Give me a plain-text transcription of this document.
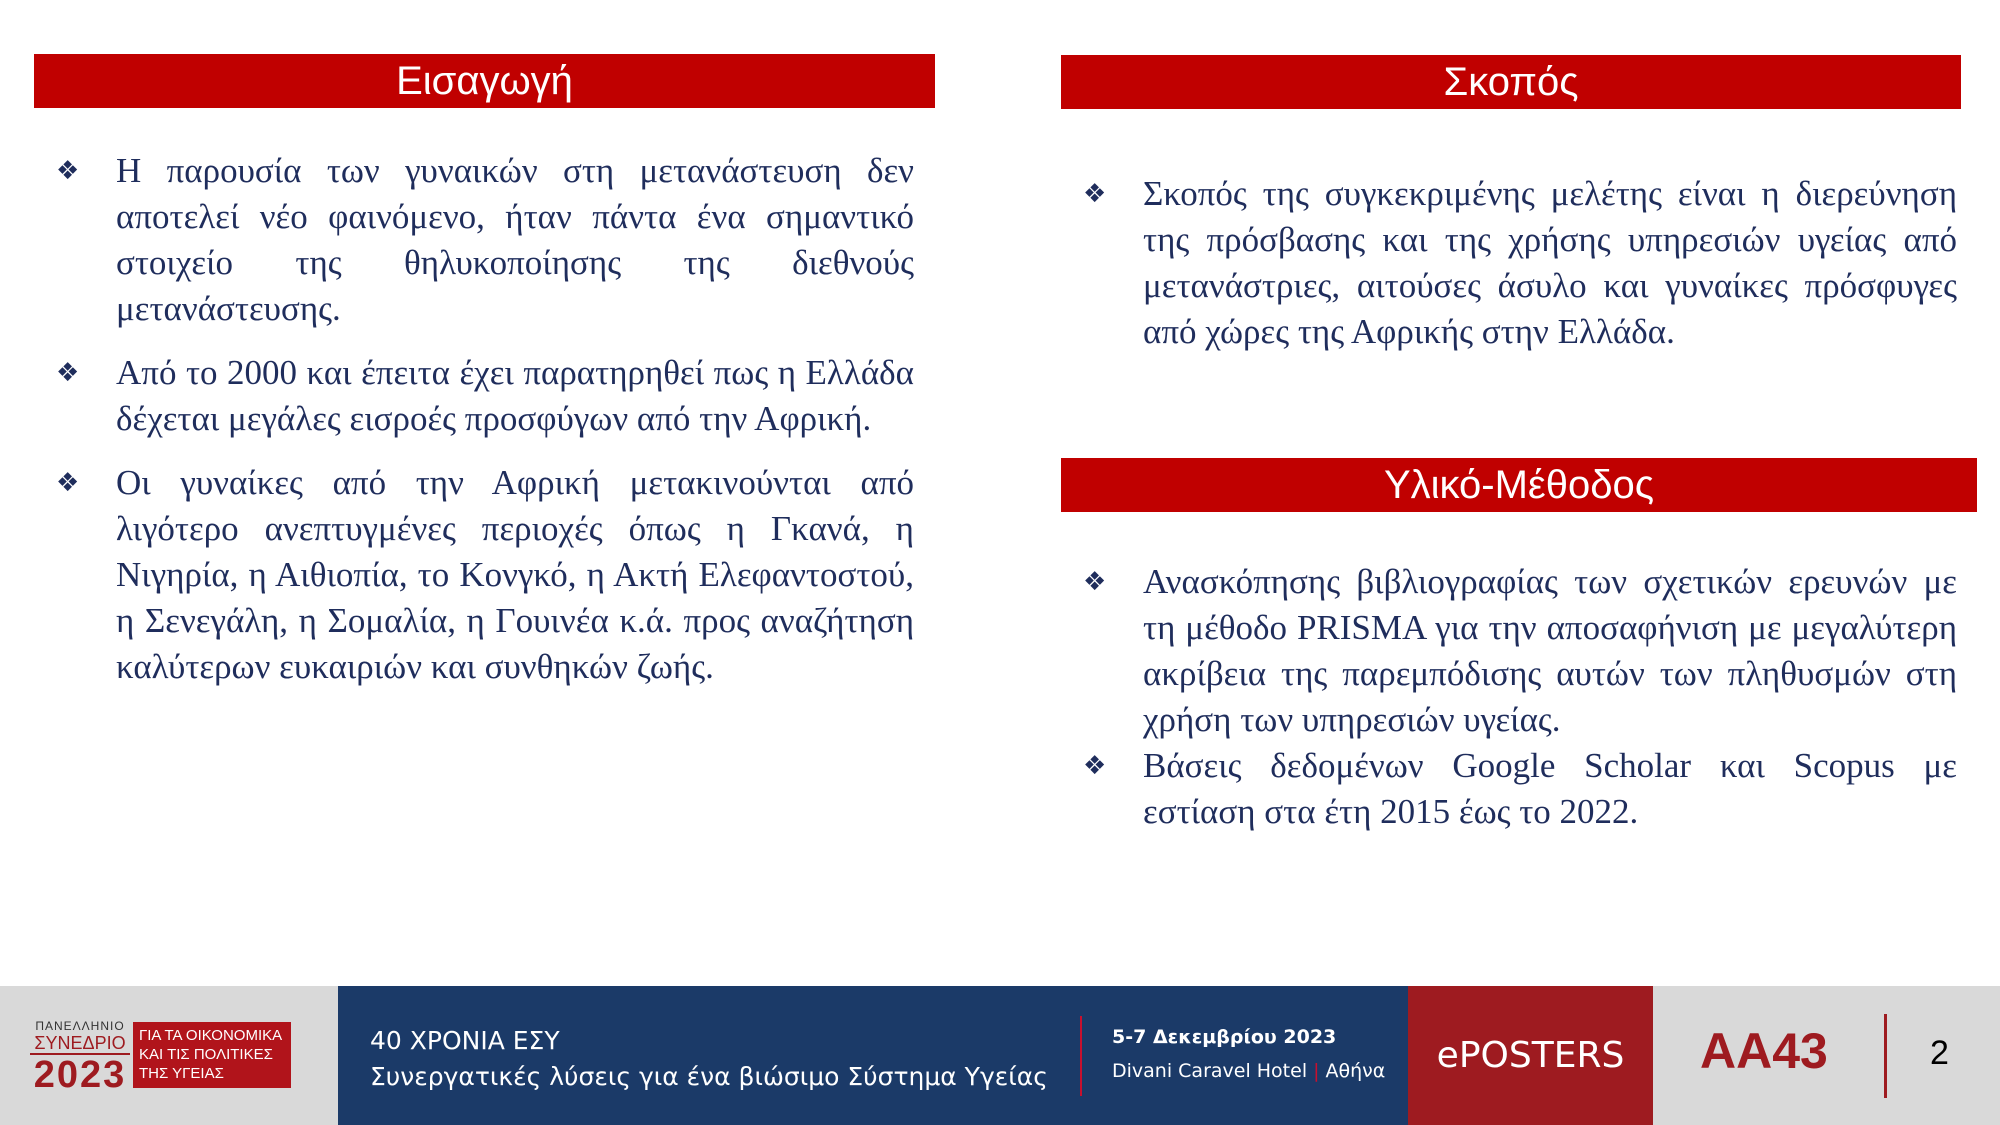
Εισαγωγή
❖ Η παρουσία των γυναικών στη μετανάστευση δεν αποτελεί νέο φαινόμενο, ήταν πάντα ένα σημαντικό στοιχείο της θηλυκοποίησης της διεθνούς μετανάστευσης.
❖ Από το 2000 και έπειτα έχει παρατηρηθεί πως η Ελλάδα δέχεται μεγάλες εισροές προσφύγων από την Αφρική.
❖ Οι γυναίκες από την Αφρική μετακινούνται από λιγότερο ανεπτυγμένες περιοχές όπως η Γκανά, η Νιγηρία, η Αιθιοπία, το Κονγκό, η Ακτή Ελεφαντοστού, η Σενεγάλη, η Σομαλία, η Γουινέα κ.ά. προς αναζήτηση καλύτερων ευκαιριών και συνθηκών ζωής.
Σκοπός
❖ Σκοπός της συγκεκριμένης μελέτης είναι η διερεύνηση της πρόσβασης και της χρήσης υπηρεσιών υγείας από μετανάστριες, αιτούσες άσυλο και γυναίκες πρόσφυγες από χώρες της Αφρικής στην Ελλάδα.
Υλικό-Μέθοδος
❖ Ανασκόπησης βιβλιογραφίας των σχετικών ερευνών με τη μέθοδο PRISMA για την αποσαφήνιση με μεγαλύτερη ακρίβεια της παρεμπόδισης αυτών των πληθυσμών στη χρήση των υπηρεσιών υγείας.
❖ Βάσεις δεδομένων Google Scholar και Scopus με εστίαση στα έτη 2015 έως το 2022.
ΠΑΝΕΛΛΗΝΙΟ
ΣΥΝΕΔΡΙΟ
2023
ΓΙΑ ΤΑ ΟΙΚΟΝΟΜΙΚΑ
ΚΑΙ ΤΙΣ ΠΟΛΙΤΙΚΕΣ
ΤΗΣ ΥΓΕΙΑΣ
40 ΧΡΟΝΙΑ ΕΣΥ
Συνεργατικές λύσεις για ένα βιώσιμο Σύστημα Υγείας
5-7 Δεκεμβρίου 2023
Divani Caravel Hotel | Αθήνα	ePOSTERS	ΑΑ43	2
